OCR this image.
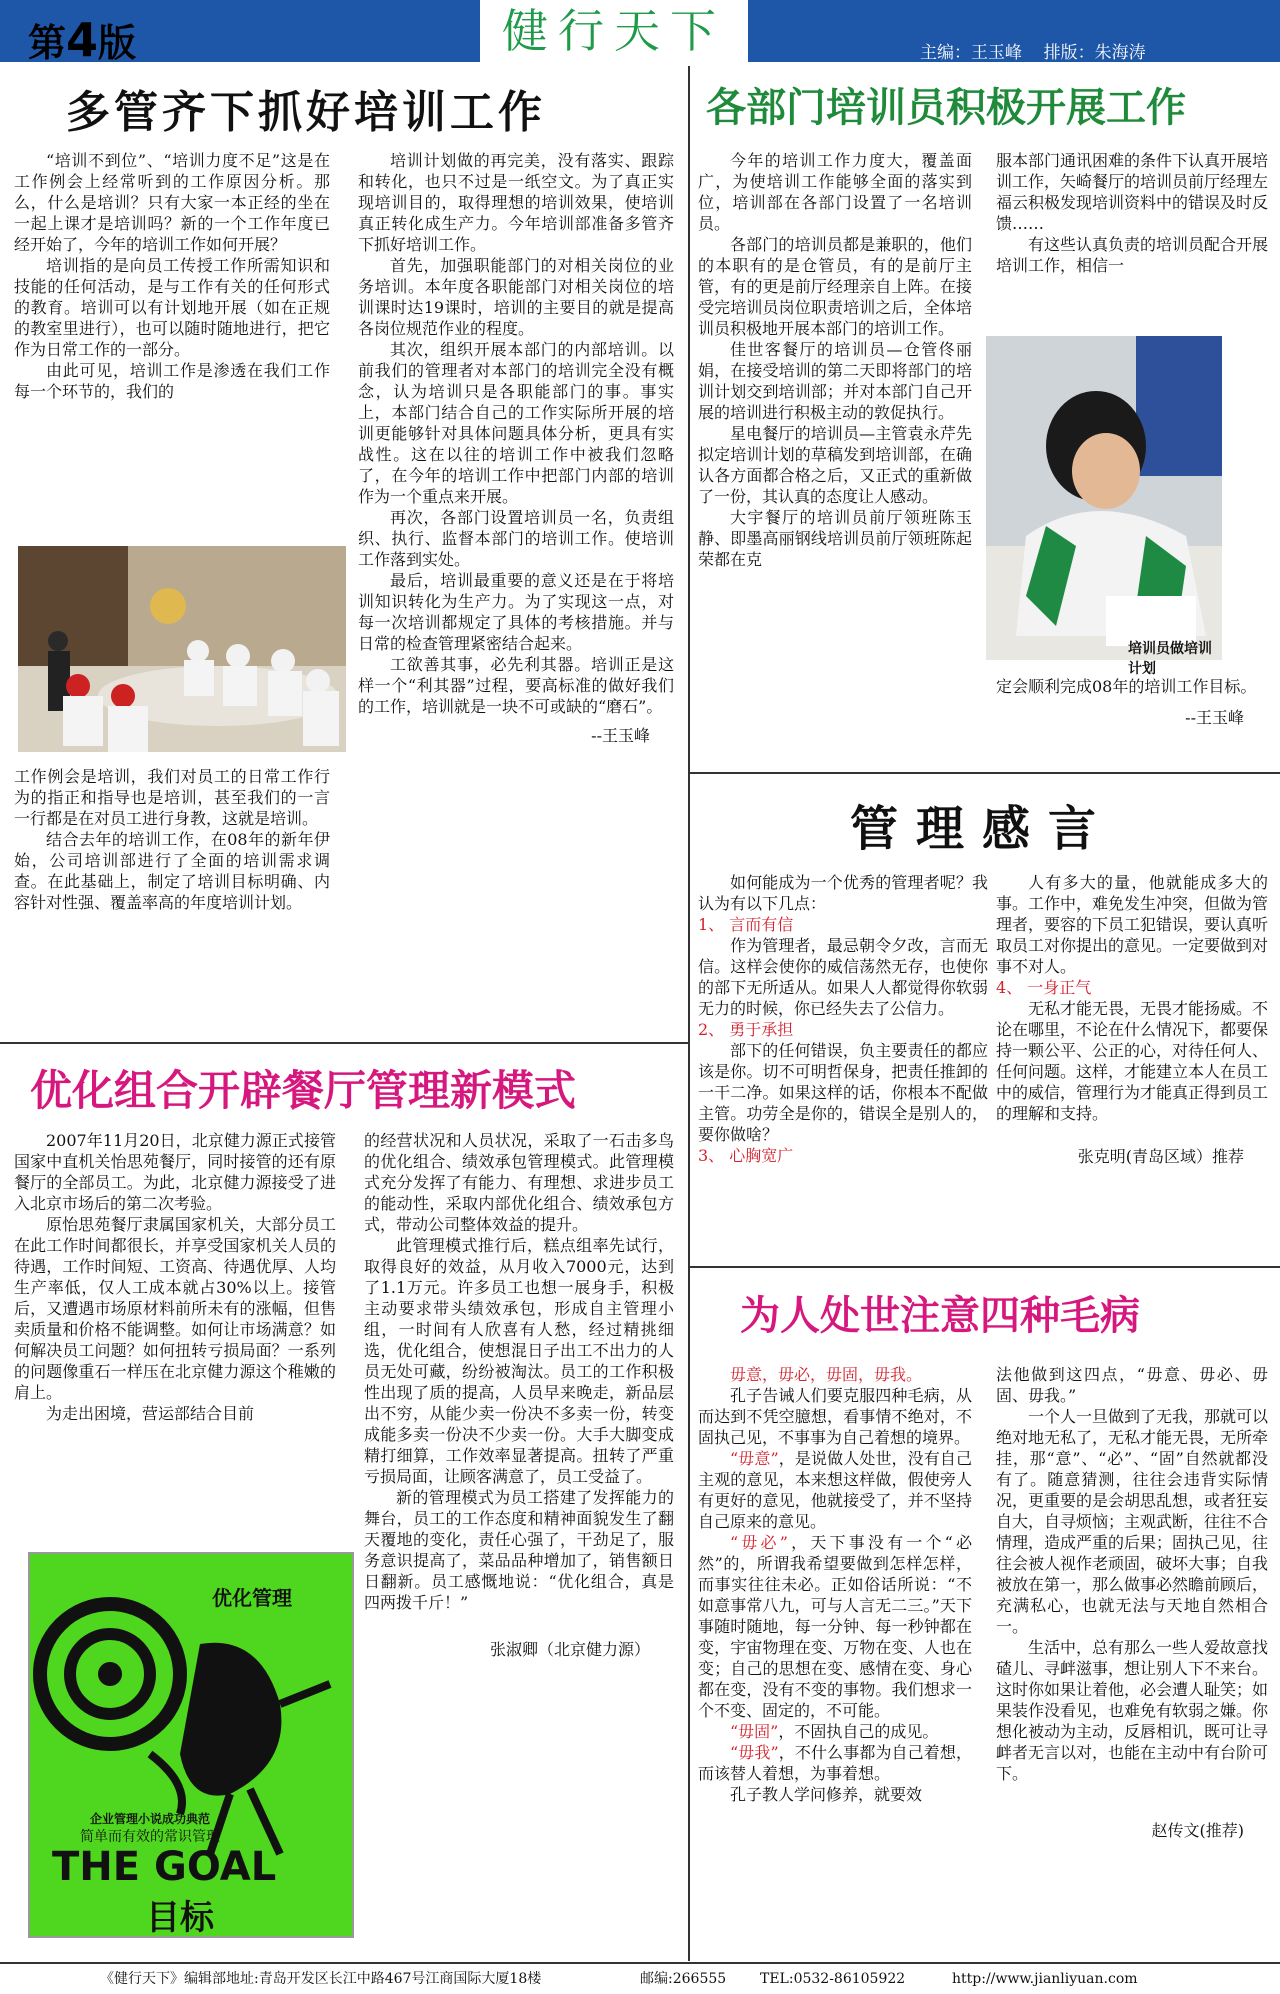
第4版	健行天下	主编：王玉峰 排版：朱海涛
多管齐下抓好培训工作

“培训不到位”、“培训力度不足”这是在工作例会上经常听到的工作原因分析。那么，什么是培训？只有大家一本正经的坐在一起上课才是培训吗？新的一个工作年度已经开始了，今年的培训工作如何开展？

培训指的是向员工传授工作所需知识和技能的任何活动，是与工作有关的任何形式的教育。培训可以有计划地开展（如在正规的教室里进行），也可以随时随地进行，把它作为日常工作的一部分。

由此可见，培训工作是渗透在我们工作每一个环节的，我们的

工作例会是培训，我们对员工的日常工作行为的指正和指导也是培训，甚至我们的一言一行都是在对员工进行身教，这就是培训。

结合去年的培训工作，在08年的新年伊始，公司培训部进行了全面的培训需求调查。在此基础上，制定了培训目标明确、内容针对性强、覆盖率高的年度培训计划。

培训计划做的再完美，没有落实、跟踪和转化，也只不过是一纸空文。为了真正实现培训目的，取得理想的培训效果，使培训真正转化成生产力。今年培训部准备多管齐下抓好培训工作。

首先，加强职能部门的对相关岗位的业务培训。本年度各职能部门对相关岗位的培训课时达19课时，培训的主要目的就是提高各岗位规范作业的程度。

其次，组织开展本部门的内部培训。以前我们的管理者对本部门的培训完全没有概念，认为培训只是各职能部门的事。事实上，本部门结合自己的工作实际所开展的培训更能够针对具体问题具体分析，更具有实战性。这在以往的培训工作中被我们忽略了，在今年的培训工作中把部门内部的培训作为一个重点来开展。

再次，各部门设置培训员一名，负责组织、执行、监督本部门的培训工作。使培训工作落到实处。

最后，培训最重要的意义还是在于将培训知识转化为生产力。为了实现这一点，对每一次培训都规定了具体的考核措施。并与日常的检查管理紧密结合起来。

工欲善其事，必先利其器。培训正是这样一个“利其器”过程，要高标准的做好我们的工作，培训就是一块不可或缺的“磨石”。

--王玉峰
各部门培训员积极开展工作

今年的培训工作力度大，覆盖面广，为使培训工作能够全面的落实到位，培训部在各部门设置了一名培训员。

各部门的培训员都是兼职的，他们的本职有的是仓管员，有的是前厅主管，有的更是前厅经理亲自上阵。在接受完培训员岗位职责培训之后，全体培训员积极地开展本部门的培训工作。

佳世客餐厅的培训员—仓管佟丽娟，在接受培训的第二天即将部门的培训计划交到培训部；并对本部门自己开展的培训进行积极主动的敦促执行。

星电餐厅的培训员—主管袁永芹先拟定培训计划的草稿发到培训部，在确认各方面都合格之后，又正式的重新做了一份，其认真的态度让人感动。

大宇餐厅的培训员前厅领班陈玉静、即墨高丽钢线培训员前厅领班陈起荣都在克

服本部门通讯困难的条件下认真开展培训工作，矢崎餐厅的培训员前厅经理左福云积极发现培训资料中的错误及时反馈……

有这些认真负责的培训员配合开展培训工作，相信一

培训员做培训计划

定会顺利完成08年的培训工作目标。

--王玉峰
管理感言

如何能成为一个优秀的管理者呢？我认为有以下几点：

1、 言而有信

作为管理者，最忌朝令夕改，言而无信。这样会使你的威信荡然无存，也使你的部下无所适从。如果人人都觉得你软弱无力的时候，你已经失去了公信力。

2、 勇于承担

部下的任何错误，负主要责任的都应该是你。切不可明哲保身，把责任推卸的一干二净。如果这样的话，你根本不配做主管。功劳全是你的，错误全是别人的，要你做啥？

3、 心胸宽广

人有多大的量，他就能成多大的事。工作中，难免发生冲突，但做为管理者，要容的下员工犯错误，要认真听取员工对你提出的意见。一定要做到对事不对人。

4、 一身正气

无私才能无畏，无畏才能扬威。不论在哪里，不论在什么情况下，都要保持一颗公平、公正的心，对待任何人、任何问题。这样，才能建立本人在员工中的威信，管理行为才能真正得到员工的理解和支持。

张克明(青岛区域）推荐
优化组合开辟餐厅管理新模式

2007年11月20日，北京健力源正式接管国家中直机关怡思苑餐厅，同时接管的还有原餐厅的全部员工。为此，北京健力源接受了进入北京市场后的第二次考验。

原怡思苑餐厅隶属国家机关，大部分员工在此工作时间都很长，并享受国家机关人员的待遇，工作时间短、工资高、待遇优厚、人均生产率低，仅人工成本就占30%以上。接管后，又遭遇市场原材料前所未有的涨幅，但售卖质量和价格不能调整。如何让市场满意？如何解决员工问题？如何扭转亏损局面？一系列的问题像重石一样压在北京健力源这个稚嫩的肩上。

为走出困境，营运部结合目前

优化管理
企业管理小说成功典范
简单而有效的常识管理
THE GOAL
目标

的经营状况和人员状况，采取了一石击多鸟的优化组合、绩效承包管理模式。此管理模式充分发挥了有能力、有理想、求进步员工的能动性，采取内部优化组合、绩效承包方式，带动公司整体效益的提升。

此管理模式推行后，糕点组率先试行，取得良好的效益，从月收入7000元，达到了1.1万元。许多员工也想一展身手，积极主动要求带头绩效承包，形成自主管理小组，一时间有人欣喜有人愁，经过精挑细选，优化组合，使想混日子出工不出力的人员无处可藏，纷纷被淘汰。员工的工作积极性出现了质的提高，人员早来晚走，新品层出不穷，从能少卖一份决不多卖一份，转变成能多卖一份决不少卖一份。大手大脚变成精打细算，工作效率显著提高。扭转了严重亏损局面，让顾客满意了，员工受益了。

新的管理模式为员工搭建了发挥能力的舞台，员工的工作态度和精神面貌发生了翻天覆地的变化，责任心强了，干劲足了，服务意识提高了，菜品品种增加了，销售额日日翻新。员工感慨地说：“优化组合，真是四两拨千斤！”

张淑卿（北京健力源）
为人处世注意四种毛病

毋意，毋必，毋固，毋我。

孔子告诫人们要克服四种毛病，从而达到不凭空臆想，看事情不绝对，不固执己见，不事事为自己着想的境界。

“毋意”，是说做人处世，没有自己主观的意见，本来想这样做，假使旁人有更好的意见，他就接受了，并不坚持自己原来的意见。

“毋必”，天下事没有一个“必然”的，所谓我希望要做到怎样怎样，而事实往往未必。正如俗话所说：“不如意事常八九，可与人言无二三。”天下事随时随地，每一分钟、每一秒钟都在变，宇宙物理在变、万物在变、人也在变；自己的思想在变、感情在变、身心都在变，没有不变的事物。我们想求一个不变、固定的，不可能。

“毋固”，不固执自己的成见。

“毋我”，不什么事都为自己着想，而该替人着想，为事着想。

孔子教人学问修养，就要效

法他做到这四点，“毋意、毋必、毋固、毋我。”

一个人一旦做到了无我，那就可以绝对地无私了，无私才能无畏，无所牵挂，那“意”、“必”、“固”自然就都没有了。随意猜测，往往会违背实际情况，更重要的是会胡思乱想，或者狂妄自大，自寻烦恼；主观武断，往往不合情理，造成严重的后果；固执己见，往往会被人视作老顽固，破坏大事；自我被放在第一，那么做事必然瞻前顾后，充满私心，也就无法与天地自然相合一。

生活中，总有那么一些人爱故意找碴儿、寻衅滋事，想让别人下不来台。这时你如果让着他，必会遭人耻笑；如果装作没看见，也难免有软弱之嫌。你想化被动为主动，反唇相讥，既可让寻衅者无言以对，也能在主动中有台阶可下。

赵传文(推荐)
《健行天下》编辑部地址:青岛开发区长江中路467号江商国际大厦18楼	邮编:266555 TEL:0532-86105922	http://www.jianliyuan.com
